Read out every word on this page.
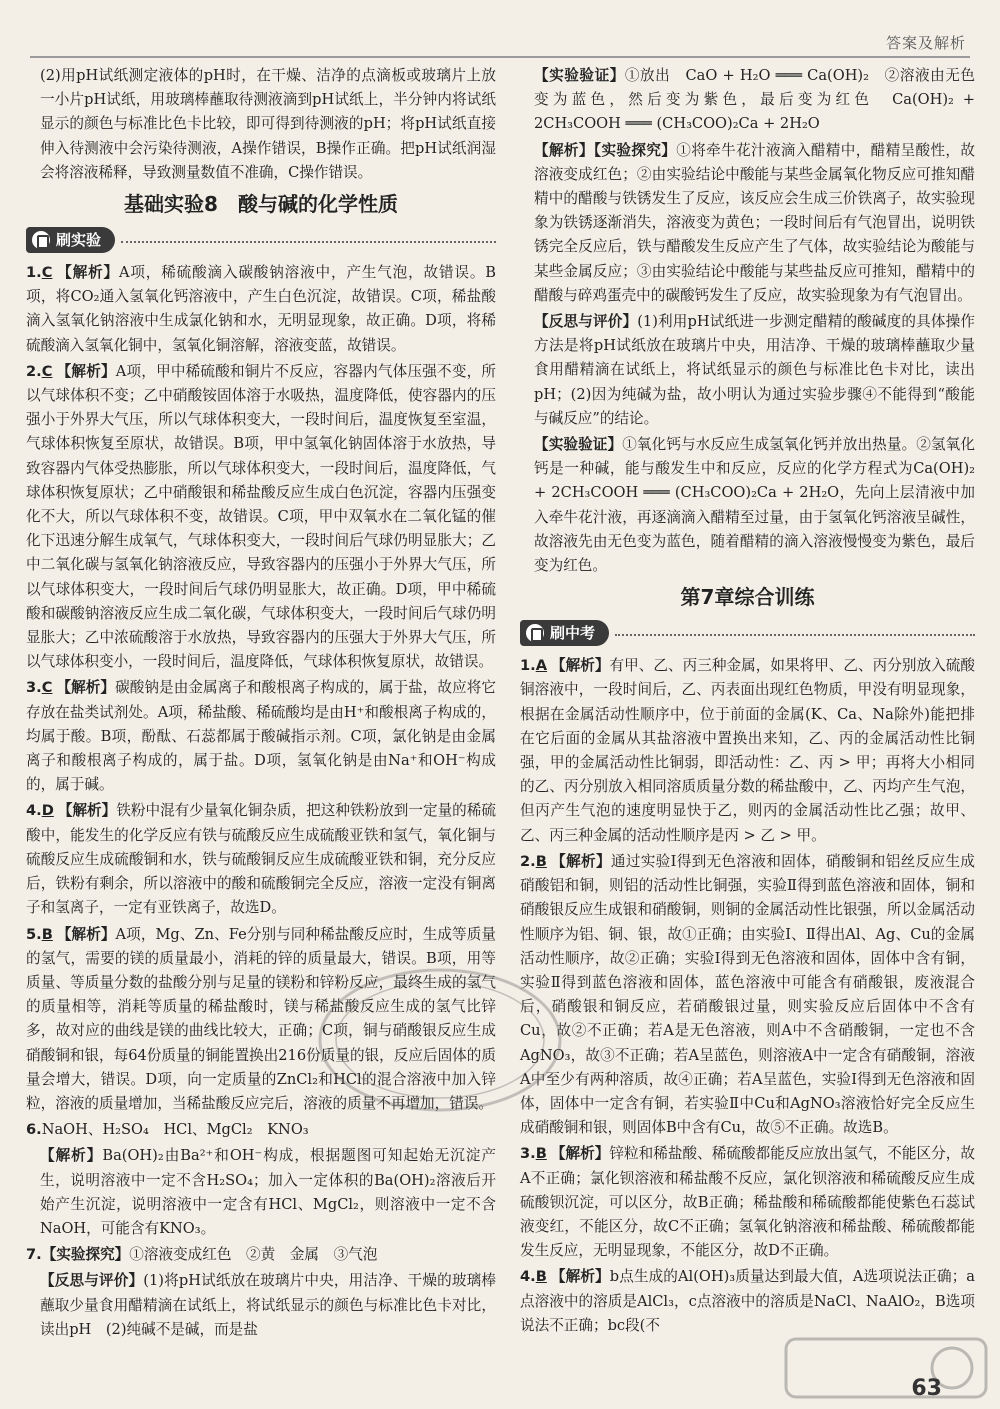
答案及解析

(2)用pH试纸测定液体的pH时，在干燥、洁净的点滴板或玻璃片上放一小片pH试纸，用玻璃棒蘸取待测液滴到pH试纸上，半分钟内将试纸显示的颜色与标准比色卡比较，即可得到待测液的pH；将pH试纸直接伸入待测液中会污染待测液，A操作错误，B操作正确。把pH试纸润湿会将溶液稀释，导致测量数值不准确，C操作错误。

基础实验8　酸与碱的化学性质
刷实验

1.C 【解析】A项，稀硫酸滴入碳酸钠溶液中，产生气泡，故错误。B项，将CO₂通入氢氧化钙溶液中，产生白色沉淀，故错误。C项，稀盐酸滴入氢氧化钠溶液中生成氯化钠和水，无明显现象，故正确。D项，将稀硫酸滴入氢氧化铜中，氢氧化铜溶解，溶液变蓝，故错误。

2.C 【解析】A项，甲中稀硫酸和铜片不反应，容器内气体压强不变，所以气球体积不变；乙中硝酸铵固体溶于水吸热，温度降低，使容器内的压强小于外界大气压，所以气球体积变大，一段时间后，温度恢复至室温，气球体积恢复至原状，故错误。B项，甲中氢氧化钠固体溶于水放热，导致容器内气体受热膨胀，所以气球体积变大，一段时间后，温度降低，气球体积恢复原状；乙中硝酸银和稀盐酸反应生成白色沉淀，容器内压强变化不大，所以气球体积不变，故错误。C项，甲中双氧水在二氧化锰的催化下迅速分解生成氧气，气球体积变大，一段时间后气球仍明显胀大；乙中二氧化碳与氢氧化钠溶液反应，导致容器内的压强小于外界大气压，所以气球体积变大，一段时间后气球仍明显胀大，故正确。D项，甲中稀硫酸和碳酸钠溶液反应生成二氧化碳，气球体积变大，一段时间后气球仍明显胀大；乙中浓硫酸溶于水放热，导致容器内的压强大于外界大气压，所以气球体积变小，一段时间后，温度降低，气球体积恢复原状，故错误。

3.C 【解析】碳酸钠是由金属离子和酸根离子构成的，属于盐，故应将它存放在盐类试剂处。A项，稀盐酸、稀硫酸均是由H⁺和酸根离子构成的，均属于酸。B项，酚酞、石蕊都属于酸碱指示剂。C项，氯化钠是由金属离子和酸根离子构成的，属于盐。D项，氢氧化钠是由Na⁺和OH⁻构成的，属于碱。

4.D 【解析】铁粉中混有少量氧化铜杂质，把这种铁粉放到一定量的稀硫酸中，能发生的化学反应有铁与硫酸反应生成硫酸亚铁和氢气，氧化铜与硫酸反应生成硫酸铜和水，铁与硫酸铜反应生成硫酸亚铁和铜，充分反应后，铁粉有剩余，所以溶液中的酸和硫酸铜完全反应，溶液一定没有铜离子和氢离子，一定有亚铁离子，故选D。

5.B 【解析】A项，Mg、Zn、Fe分别与同种稀盐酸反应时，生成等质量的氢气，需要的镁的质量最小，消耗的锌的质量最大，错误。B项，用等质量、等质量分数的盐酸分别与足量的镁粉和锌粉反应，最终生成的氢气的质量相等，消耗等质量的稀盐酸时，镁与稀盐酸反应生成的氢气比锌多，故对应的曲线是镁的曲线比较大，正确；C项，铜与硝酸银反应生成硝酸铜和银，每64份质量的铜能置换出216份质量的银，反应后固体的质量会增大，错误。D项，向一定质量的ZnCl₂和HCl的混合溶液中加入锌粒，溶液的质量增加，当稀盐酸反应完后，溶液的质量不再增加，错误。

6.NaOH、H₂SO₄　HCl、MgCl₂　KNO₃

【解析】Ba(OH)₂由Ba²⁺和OH⁻构成，根据题图可知起始无沉淀产生，说明溶液中一定不含H₂SO₄；加入一定体积的Ba(OH)₂溶液后开始产生沉淀，说明溶液中一定含有HCl、MgCl₂，则溶液中一定不含NaOH，可能含有KNO₃。

7.【实验探究】①溶液变成红色　②黄　金属　③气泡

【反思与评价】(1)将pH试纸放在玻璃片中央，用洁净、干燥的玻璃棒蘸取少量食用醋精滴在试纸上，将试纸显示的颜色与标准比色卡对比，读出pH　(2)纯碱不是碱，而是盐

【实验验证】①放出　CaO + H₂O ═══ Ca(OH)₂　②溶液由无色变为蓝色，然后变为紫色，最后变为红色　Ca(OH)₂ + 2CH₃COOH ═══ (CH₃COO)₂Ca + 2H₂O

【解析】【实验探究】①将牵牛花汁液滴入醋精中，醋精呈酸性，故溶液变成红色；②由实验结论中酸能与某些金属氧化物反应可推知醋精中的醋酸与铁锈发生了反应，该反应会生成三价铁离子，故实验现象为铁锈逐渐消失，溶液变为黄色；一段时间后有气泡冒出，说明铁锈完全反应后，铁与醋酸发生反应产生了气体，故实验结论为酸能与某些金属反应；③由实验结论中酸能与某些盐反应可推知，醋精中的醋酸与碎鸡蛋壳中的碳酸钙发生了反应，故实验现象为有气泡冒出。

【反思与评价】(1)利用pH试纸进一步测定醋精的酸碱度的具体操作方法是将pH试纸放在玻璃片中央，用洁净、干燥的玻璃棒蘸取少量食用醋精滴在试纸上，将试纸显示的颜色与标准比色卡对比，读出pH；(2)因为纯碱为盐，故小明认为通过实验步骤④不能得到“酸能与碱反应”的结论。

【实验验证】①氧化钙与水反应生成氢氧化钙并放出热量。②氢氧化钙是一种碱，能与酸发生中和反应，反应的化学方程式为Ca(OH)₂ + 2CH₃COOH ═══ (CH₃COO)₂Ca + 2H₂O，先向上层清液中加入牵牛花汁液，再逐滴滴入醋精至过量，由于氢氧化钙溶液呈碱性，故溶液先由无色变为蓝色，随着醋精的滴入溶液慢慢变为紫色，最后变为红色。

第7章综合训练
刷中考

1.A 【解析】有甲、乙、丙三种金属，如果将甲、乙、丙分别放入硫酸铜溶液中，一段时间后，乙、丙表面出现红色物质，甲没有明显现象，根据在金属活动性顺序中，位于前面的金属(K、Ca、Na除外)能把排在它后面的金属从其盐溶液中置换出来知，乙、丙的金属活动性比铜强，甲的金属活动性比铜弱，即活动性：乙、丙 > 甲；再将大小相同的乙、丙分别放入相同溶质质量分数的稀盐酸中，乙、丙均产生气泡，但丙产生气泡的速度明显快于乙，则丙的金属活动性比乙强；故甲、乙、丙三种金属的活动性顺序是丙 > 乙 > 甲。

2.B 【解析】通过实验Ⅰ得到无色溶液和固体，硝酸铜和铝丝反应生成硝酸铝和铜，则铝的活动性比铜强，实验Ⅱ得到蓝色溶液和固体，铜和硝酸银反应生成银和硝酸铜，则铜的金属活动性比银强，所以金属活动性顺序为铝、铜、银，故①正确；由实验Ⅰ、Ⅱ得出Al、Ag、Cu的金属活动性顺序，故②正确；实验Ⅰ得到无色溶液和固体，固体中含有铜，实验Ⅱ得到蓝色溶液和固体，蓝色溶液中可能含有硝酸银，废液混合后，硝酸银和铜反应，若硝酸银过量，则实验反应后固体中不含有Cu，故②不正确；若A是无色溶液，则A中不含硝酸铜，一定也不含AgNO₃，故③不正确；若A呈蓝色，则溶液A中一定含有硝酸铜，溶液A中至少有两种溶质，故④正确；若A呈蓝色，实验Ⅰ得到无色溶液和固体，固体中一定含有铜，若实验Ⅱ中Cu和AgNO₃溶液恰好完全反应生成硝酸铜和银，则固体B中含有Cu，故⑤不正确。故选B。

3.B 【解析】锌粒和稀盐酸、稀硫酸都能反应放出氢气，不能区分，故A不正确；氯化钡溶液和稀盐酸不反应，氯化钡溶液和稀硫酸反应生成硫酸钡沉淀，可以区分，故B正确；稀盐酸和稀硫酸都能使紫色石蕊试液变红，不能区分，故C不正确；氢氧化钠溶液和稀盐酸、稀硫酸都能发生反应，无明显现象，不能区分，故D不正确。

4.B 【解析】b点生成的Al(OH)₃质量达到最大值，A选项说法正确；a点溶液中的溶质是AlCl₃，c点溶液中的溶质是NaCl、NaAlO₂，B选项说法不正确；bc段(不

63
